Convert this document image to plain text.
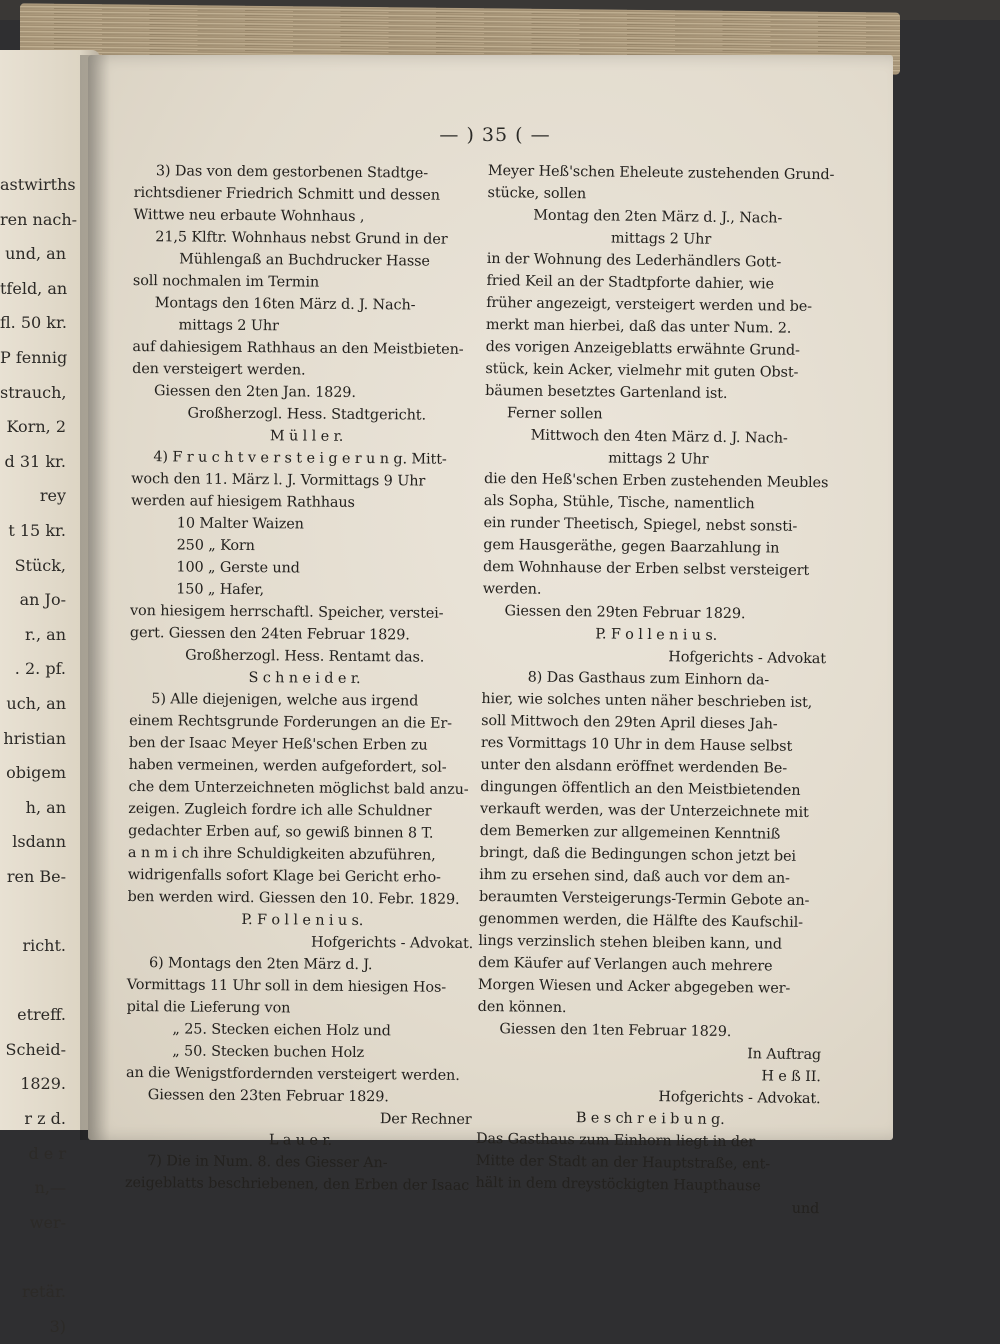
astwirths
ren nach-
und, an
tfeld, an
fl. 50 kr.
P fennig
strauch,
Korn, 2
d 31 kr.
rey
t 15 kr.
Stück,
an Jo-
r., an
. 2. pf.
uch, an
hristian
obigem
h, an
lsdann
ren Be-
richt.
etreff.
Scheid-
1829.
r z d.
d e r
n,—
wer-
retär.
3)
— ) 35 ( —
3) Das von dem gestorbenen Stadtge-
richtsdiener Friedrich Schmitt und dessen
Wittwe neu erbaute Wohnhaus ,
21,5 Klftr. Wohnhaus nebst Grund in der
Mühlengaß an Buchdrucker Hasse
soll nochmalen im Termin
Montags den 16ten März d. J. Nach-
mittags 2 Uhr
auf dahiesigem Rathhaus an den Meistbieten-
den versteigert werden.
Giessen den 2ten Jan. 1829.
Großherzogl. Hess. Stadtgericht.
M ü l l e r.
4) F r u c h t v e r s t e i g e r u n g. Mitt-
woch den 11. März l. J. Vormittags 9 Uhr
werden auf hiesigem Rathhaus
10 Malter Waizen
250 „ Korn
100 „ Gerste und
150 „ Hafer,
von hiesigem herrschaftl. Speicher, verstei-
gert. Giessen den 24ten Februar 1829.
Großherzogl. Hess. Rentamt das.
S c h n e i d e r.
5) Alle diejenigen, welche aus irgend
einem Rechtsgrunde Forderungen an die Er-
ben der Isaac Meyer Heß'schen Erben zu
haben vermeinen, werden aufgefordert, sol-
che dem Unterzeichneten möglichst bald anzu-
zeigen. Zugleich fordre ich alle Schuldner
gedachter Erben auf, so gewiß binnen 8 T.
a n m i ch ihre Schuldigkeiten abzuführen,
widrigenfalls sofort Klage bei Gericht erho-
ben werden wird. Giessen den 10. Febr. 1829.
P. F o l l e n i u s.
Hofgerichts - Advokat.
6) Montags den 2ten März d. J.
Vormittags 11 Uhr soll in dem hiesigen Hos-
pital die Lieferung von
„ 25. Stecken eichen Holz und
„ 50. Stecken buchen Holz
an die Wenigstfordernden versteigert werden.
Giessen den 23ten Februar 1829.
Der Rechner
L a u e r.
7) Die in Num. 8. des Giesser An-
zeigeblatts beschriebenen, den Erben der Isaac
Meyer Heß'schen Eheleute zustehenden Grund-
stücke, sollen
Montag den 2ten März d. J., Nach-
mittags 2 Uhr
in der Wohnung des Lederhändlers Gott-
fried Keil an der Stadtpforte dahier, wie
früher angezeigt, versteigert werden und be-
merkt man hierbei, daß das unter Num. 2.
des vorigen Anzeigeblatts erwähnte Grund-
stück, kein Acker, vielmehr mit guten Obst-
bäumen besetztes Gartenland ist.
Ferner sollen
Mittwoch den 4ten März d. J. Nach-
mittags 2 Uhr
die den Heß'schen Erben zustehenden Meubles
als Sopha, Stühle, Tische, namentlich
ein runder Theetisch, Spiegel, nebst sonsti-
gem Hausgeräthe, gegen Baarzahlung in
dem Wohnhause der Erben selbst versteigert
werden.
Giessen den 29ten Februar 1829.
P. F o l l e n i u s.
Hofgerichts - Advokat
8) Das Gasthaus zum Einhorn da-
hier, wie solches unten näher beschrieben ist,
soll Mittwoch den 29ten April dieses Jah-
res Vormittags 10 Uhr in dem Hause selbst
unter den alsdann eröffnet werdenden Be-
dingungen öffentlich an den Meistbietenden
verkauft werden, was der Unterzeichnete mit
dem Bemerken zur allgemeinen Kenntniß
bringt, daß die Bedingungen schon jetzt bei
ihm zu ersehen sind, daß auch vor dem an-
beraumten Versteigerungs-Termin Gebote an-
genommen werden, die Hälfte des Kaufschil-
lings verzinslich stehen bleiben kann, und
dem Käufer auf Verlangen auch mehrere
Morgen Wiesen und Acker abgegeben wer-
den können.
Giessen den 1ten Februar 1829.
In Auftrag
H e ß II.
Hofgerichts - Advokat.
B e s ch r e i b u n g.
Das Gasthaus zum Einhorn liegt in der
Mitte der Stadt an der Hauptstraße, ent-
hält in dem dreystöckigten Haupthause
und
